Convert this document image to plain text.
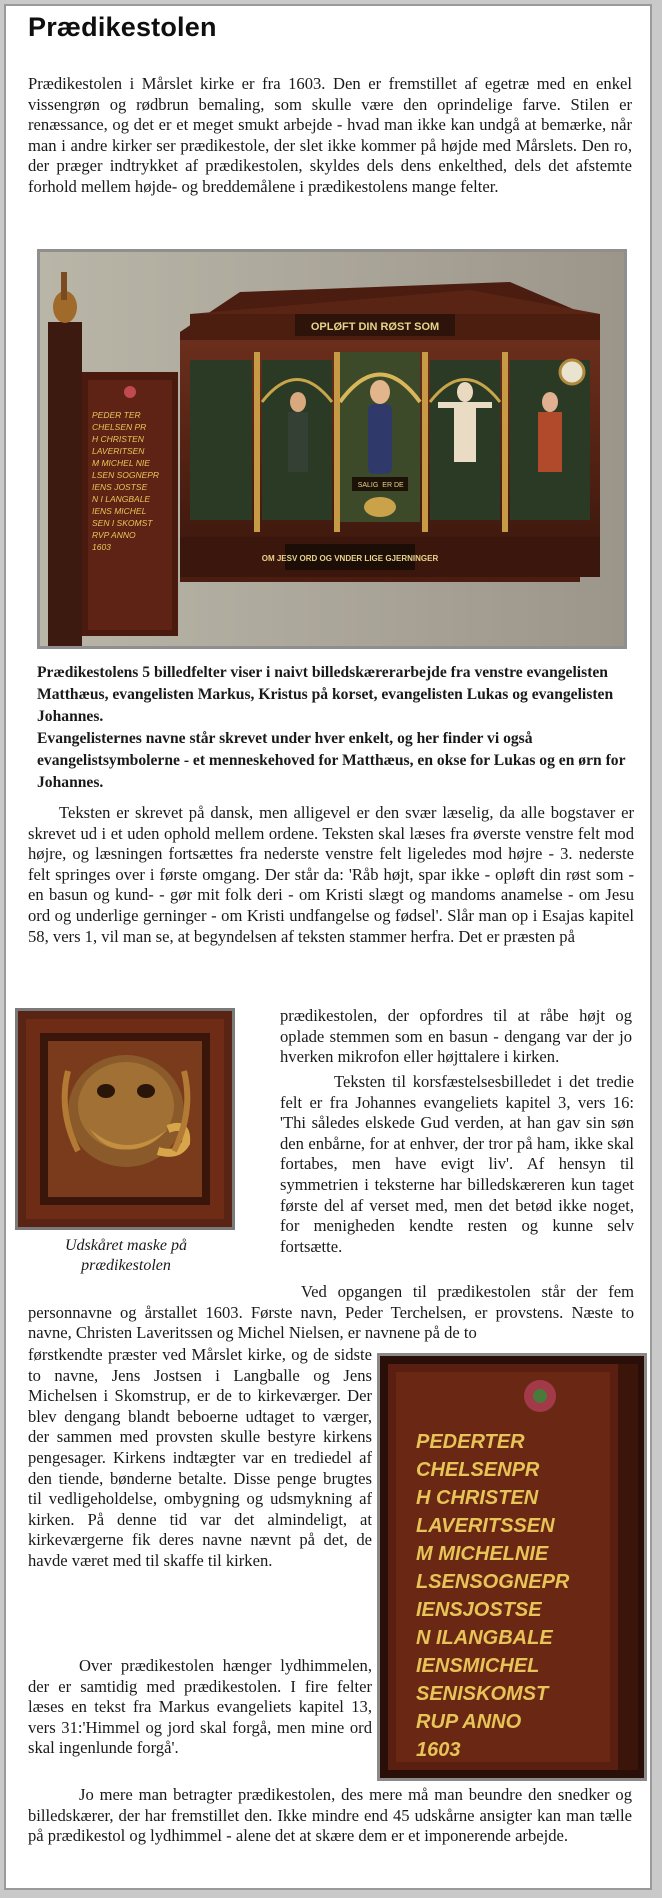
Prædikestolen

Prædikestolen i Mårslet kirke er fra 1603. Den er fremstillet af egetræ med en enkel vissengrøn og rødbrun bemaling, som skulle være den oprindelige farve. Stilen er renæssance, og det er et meget smukt arbejde - hvad man ikke kan undgå at bemærke, når man i andre kirker ser prædikestole, der slet ikke kommer på højde med Mårslets. Den ro, der præger indtrykket af prædikestolen, skyldes dels dens enkelthed, dels det afstemte forhold mellem højde- og breddemålene i prædikestolens mange felter.

OPLØFT DIN RØST SOM
SALIG ER DE
OM JESV ORD OG VNDER LIGE GJERNINGER
PEDER TER
CHELSEN PR
H CHRISTEN
LAVERITSEN
M MICHEL NIE
LSEN SOGNEPR
IENS JOSTSE
N I LANGBALE
IENS MICHEL
SEN I SKOMST
RVP ANNO
1603

Prædikestolens 5 billedfelter viser i naivt billedskærerarbejde fra venstre evangelisten Matthæus, evangelisten Markus, Kristus på korset, evangelisten Lukas og evangelisten Johannes.

Evangelisternes navne står skrevet under hver enkelt, og her finder vi også evangelistsymbolerne - et menneskehoved for Matthæus, en okse for Lukas og en ørn for Johannes.

Teksten er skrevet på dansk, men alligevel er den svær læselig, da alle bogstaver er skrevet ud i et uden ophold mellem ordene. Teksten skal læses fra øverste venstre felt mod højre, og læsningen fortsættes fra nederste venstre felt ligeledes mod højre - 3. nederste felt springes over i første omgang. Der står da: 'Råb højt, spar ikke - opløft din røst som - en basun og kund- - gør mit folk deri - om Kristi slægt og mandoms anamelse - om Jesu ord og underlige gerninger - om Kristi undfangelse og fødsel'. Slår man op i Esajas kapitel 58, vers 1, vil man se, at begyndelsen af teksten stammer herfra. Det er præsten på

Udskåret maske på prædikestolen

prædikestolen, der opfordres til at råbe højt og oplade stemmen som en basun - dengang var der jo hverken mikrofon eller højttalere i kirken.

Teksten til korsfæstelsesbilledet i det tredie felt er fra Johannes evangeliets kapitel 3, vers 16: 'Thi således elskede Gud verden, at han gav sin søn den enbårne, for at enhver, der tror på ham, ikke skal fortabes, men have evigt liv'. Af hensyn til symmetrien i teksterne har billedskæreren kun taget første del af verset med, men det betød ikke noget, for menigheden kendte resten og kunne selv fortsætte.

Ved opgangen til prædikestolen står der fem personnavne og årstallet 1603. Første navn, Peder Terchelsen, er provstens. Næste to navne, Christen Laveritssen og Michel Nielsen, er navnene på de to

førstkendte præster ved Mårslet kirke, og de sidste to navne, Jens Jostsen i Langballe og Jens Michelsen i Skomstrup, er de to kirkeværger. Der blev dengang blandt beboerne udtaget to værger, der sammen med provsten skulle bestyre kirkens pengesager. Kirkens indtægter var en trediedel af den tiende, bønderne betalte. Disse penge brugtes til vedligeholdelse, ombygning og udsmykning af kirken. På denne tid var det almindeligt, at kirkeværgerne fik deres navne nævnt på det, de havde været med til skaffe til kirken.

PEDERTER
CHELSENPR
H CHRISTEN
LAVERITSSEN
M MICHELNIE
LSENSOGNEPR
IENSJOSTSE
N ILANGBALE
IENSMICHEL
SENISKOMST
RUP ANNO
1603

Over prædikestolen hænger lydhimmelen, der er samtidig med prædikestolen. I fire felter læses en tekst fra Markus evangeliets kapitel 13, vers 31:'Himmel og jord skal forgå, men mine ord skal ingenlunde forgå'.

Jo mere man betragter prædikestolen, des mere må man beundre den snedker og billedskærer, der har fremstillet den. Ikke mindre end 45 udskårne ansigter kan man tælle på prædikestol og lydhimmel - alene det at skære dem er et imponerende arbejde.
